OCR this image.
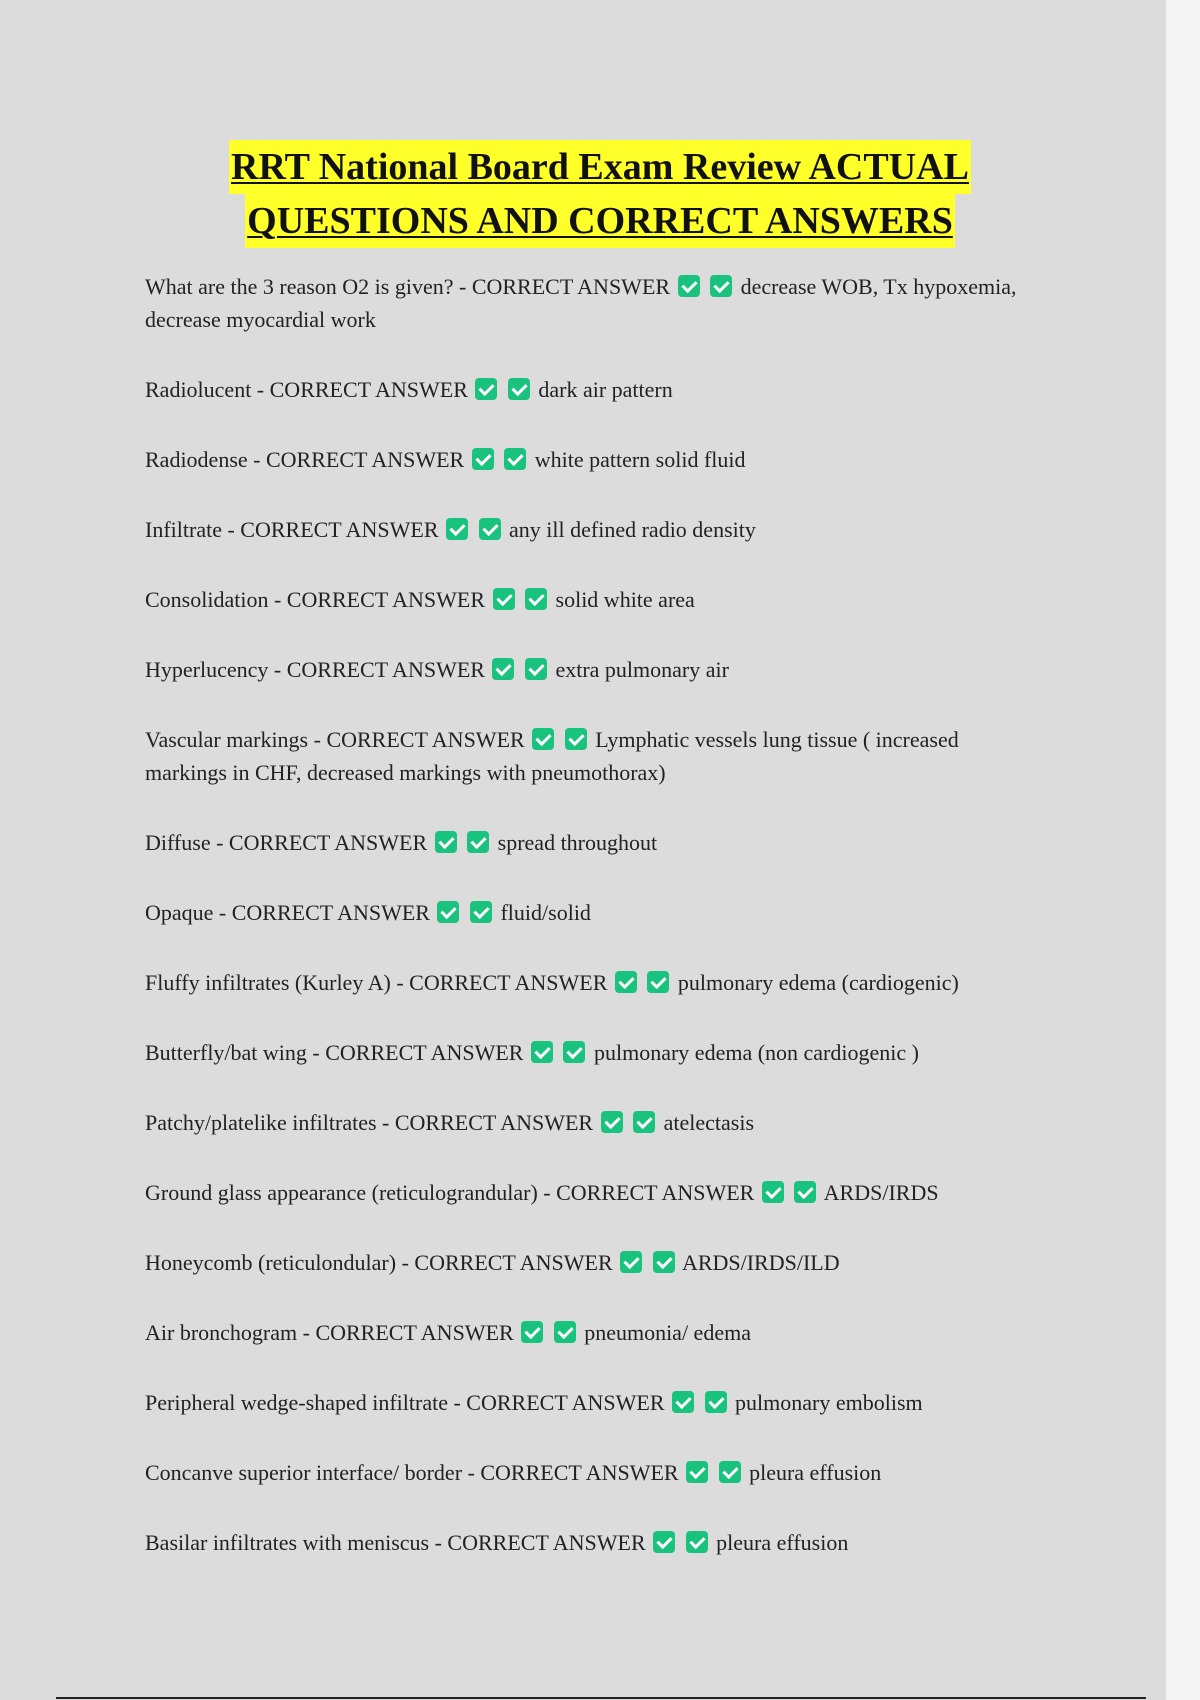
RRT National Board Exam Review ACTUAL
QUESTIONS AND CORRECT ANSWERS
What are the 3 reason O2 is given? - CORRECT ANSWER	decrease WOB, Tx hypoxemia, decrease myocardial work
Radiolucent - CORRECT ANSWER	dark air pattern
Radiodense - CORRECT ANSWER	white pattern solid fluid
Infiltrate - CORRECT ANSWER	any ill defined radio density
Consolidation - CORRECT ANSWER	solid white area
Hyperlucency - CORRECT ANSWER	extra pulmonary air
Vascular markings - CORRECT ANSWER	Lymphatic vessels lung tissue ( increased markings in CHF, decreased markings with pneumothorax)
Diffuse - CORRECT ANSWER	spread throughout
Opaque - CORRECT ANSWER	fluid/solid
Fluffy infiltrates (Kurley A) - CORRECT ANSWER	pulmonary edema (cardiogenic)
Butterfly/bat wing - CORRECT ANSWER	pulmonary edema (non cardiogenic )
Patchy/platelike infiltrates - CORRECT ANSWER	atelectasis
Ground glass appearance (reticulograndular) - CORRECT ANSWER	ARDS/IRDS
Honeycomb (reticulondular) - CORRECT ANSWER	ARDS/IRDS/ILD
Air bronchogram - CORRECT ANSWER	pneumonia/ edema
Peripheral wedge-shaped infiltrate - CORRECT ANSWER	pulmonary embolism
Concanve superior interface/ border - CORRECT ANSWER	pleura effusion
Basilar infiltrates with meniscus - CORRECT ANSWER	pleura effusion
